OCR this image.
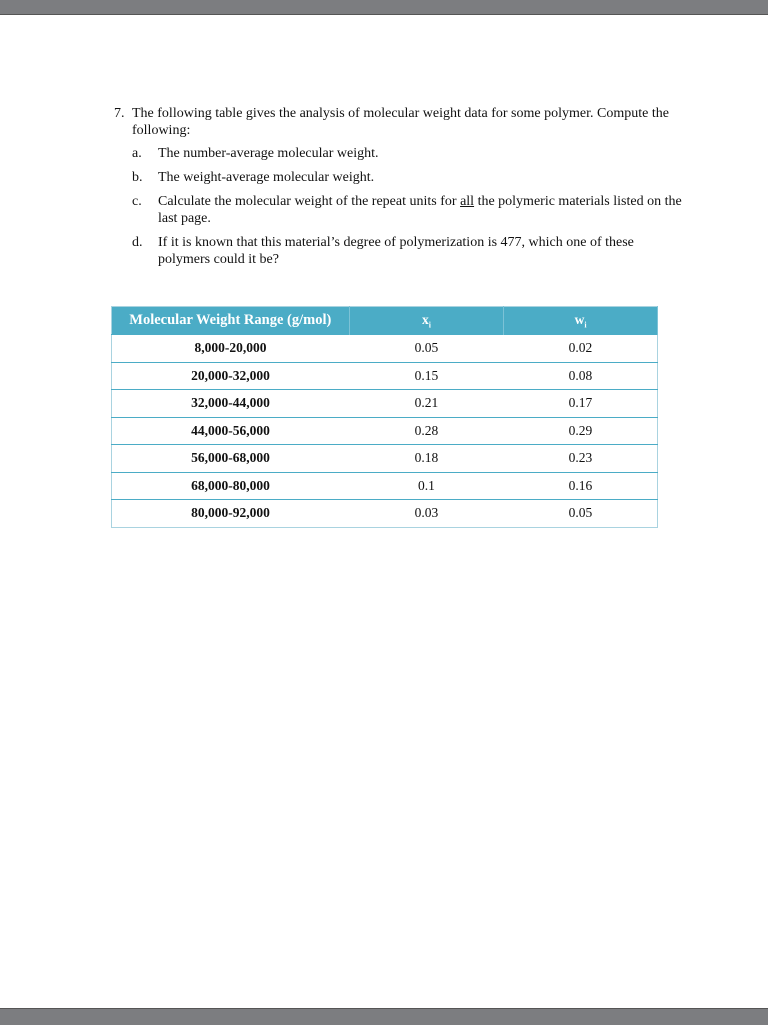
7. The following table gives the analysis of molecular weight data for some polymer. Compute the following:
a.	The number-average molecular weight.
b.	The weight-average molecular weight.
c.	Calculate the molecular weight of the repeat units for all the polymeric materials listed on the last page.
d.	If it is known that this material’s degree of polymerization is 477, which one of these polymers could it be?
Molecular Weight Range (g/mol)	$x_i$	$w_i$
8,000-20,000	0.05	0.02
20,000-32,000	0.15	0.08
32,000-44,000	0.21	0.17
44,000-56,000	0.28	0.29
56,000-68,000	0.18	0.23
68,000-80,000	0.1	0.16
80,000-92,000	0.03	0.05
